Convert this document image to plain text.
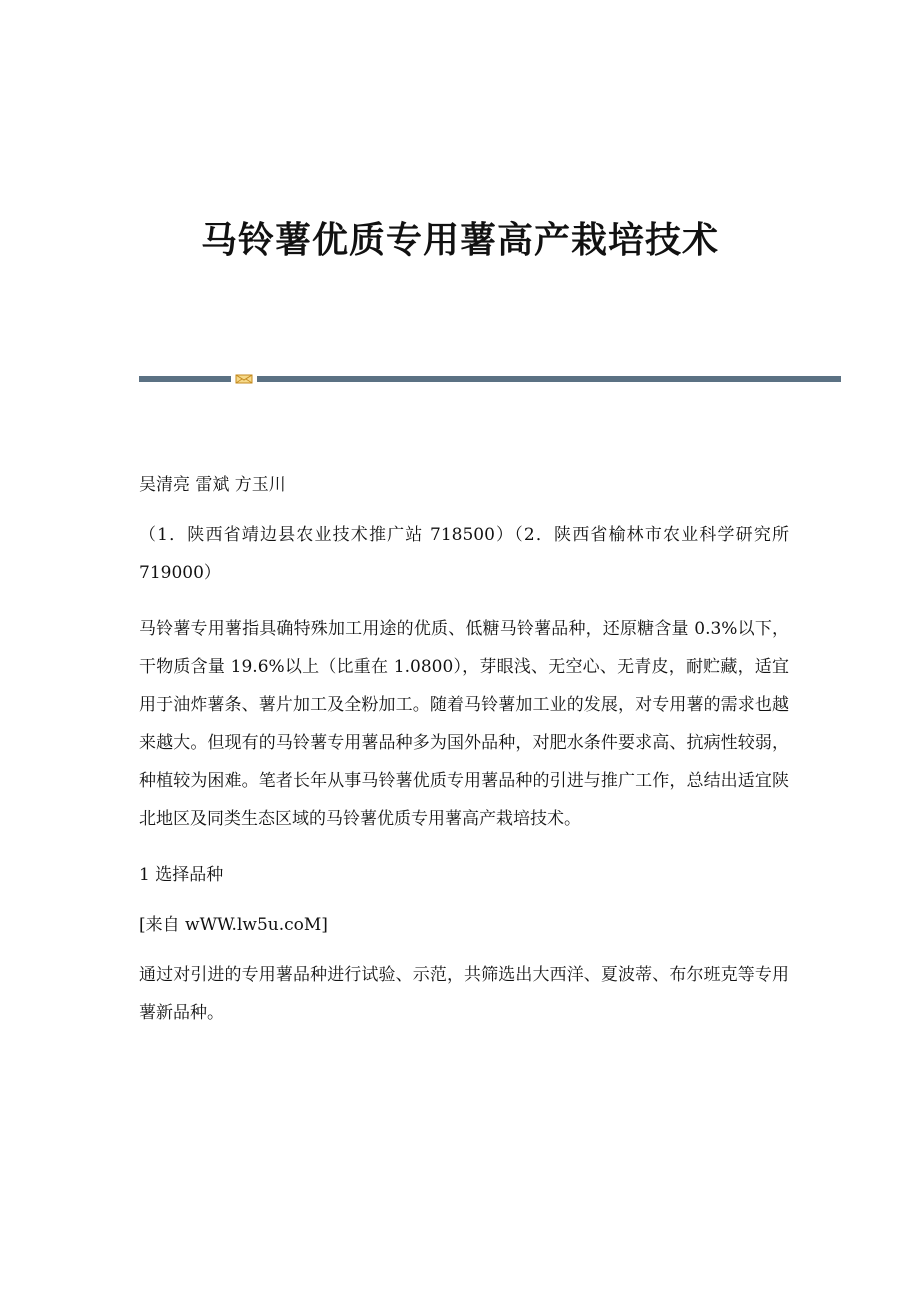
马铃薯优质专用薯高产栽培技术

吴清亮 雷斌 方玉川

（1．陕西省靖边县农业技术推广站 718500）（2．陕西省榆林市农业科学研究所 719000）

马铃薯专用薯指具确特殊加工用途的优质、低糖马铃薯品种，还原糖含量 0.3%以下，干物质含量 19.6%以上（比重在 1.0800），芽眼浅、无空心、无青皮，耐贮藏，适宜用于油炸薯条、薯片加工及全粉加工。随着马铃薯加工业的发展，对专用薯的需求也越来越大。但现有的马铃薯专用薯品种多为国外品种，对肥水条件要求高、抗病性较弱，种植较为困难。笔者长年从事马铃薯优质专用薯品种的引进与推广工作，总结出适宜陕北地区及同类生态区域的马铃薯优质专用薯高产栽培技术。

1 选择品种

[来自 wWW.lw5u.coM]

通过对引进的专用薯品种进行试验、示范，共筛选出大西洋、夏波蒂、布尔班克等专用薯新品种。
